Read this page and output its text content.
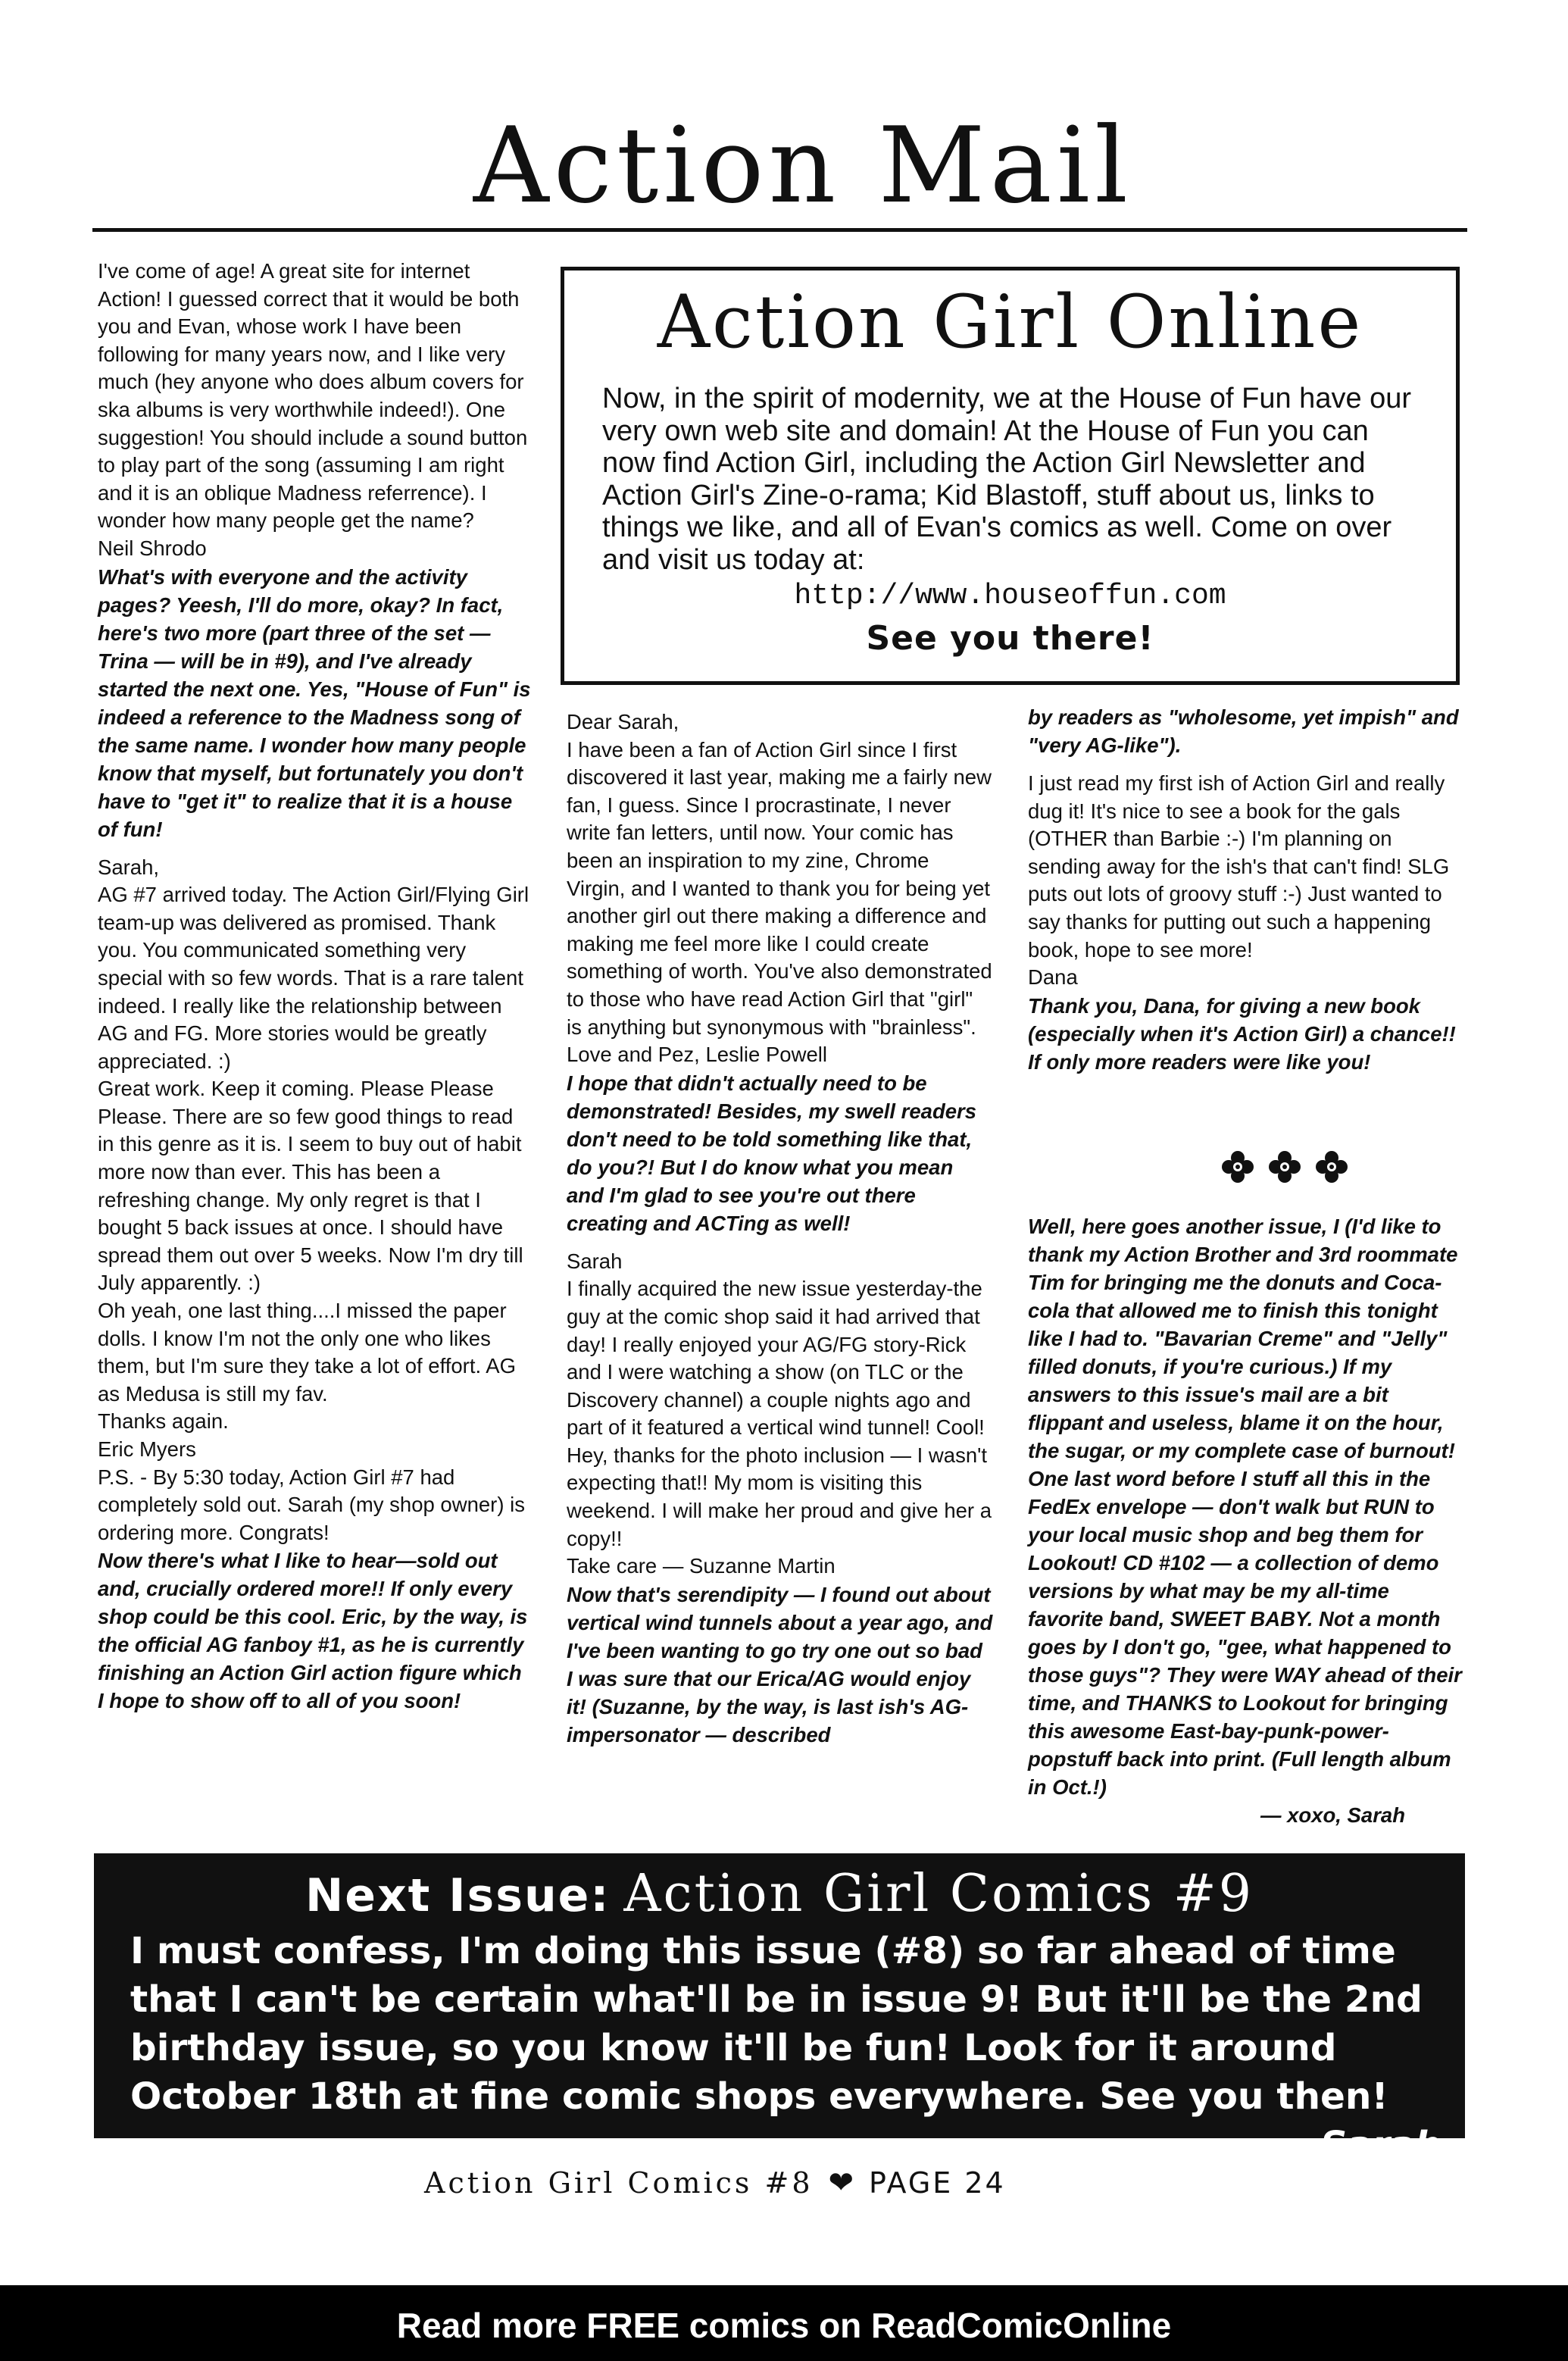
Action Mail

I've come of age! A great site for internet Action! I guessed correct that it would be both you and Evan, whose work I have been following for many years now, and I like very much (hey anyone who does album covers for ska albums is very worthwhile indeed!). One suggestion! You should include a sound button to play part of the song (assuming I am right and it is an oblique Madness referrence). I wonder how many people get the name?

Neil Shrodo

What's with everyone and the activity pages? Yeesh, I'll do more, okay? In fact, here's two more (part three of the set — Trina — will be in #9), and I've already started the next one. Yes, "House of Fun" is indeed a reference to the Madness song of the same name. I wonder how many people know that myself, but fortunately you don't have to "get it" to realize that it is a house of fun!

Sarah,

AG #7 arrived today. The Action Girl/Flying Girl team-up was delivered as promised. Thank you. You communicated something very special with so few words. That is a rare talent indeed. I really like the relationship between AG and FG. More stories would be greatly appreciated. :)

Great work. Keep it coming. Please Please Please. There are so few good things to read in this genre as it is. I seem to buy out of habit more now than ever. This has been a refreshing change. My only regret is that I bought 5 back issues at once. I should have spread them out over 5 weeks. Now I'm dry till July apparently. :)

Oh yeah, one last thing....I missed the paper dolls. I know I'm not the only one who likes them, but I'm sure they take a lot of effort. AG as Medusa is still my fav.

Thanks again.

Eric Myers

P.S. - By 5:30 today, Action Girl #7 had completely sold out. Sarah (my shop owner) is ordering more. Congrats!

Now there's what I like to hear—sold out and, crucially ordered more!! If only every shop could be this cool. Eric, by the way, is the official AG fanboy #1, as he is currently finishing an Action Girl action figure which I hope to show off to all of you soon!

Action Girl Online

Now, in the spirit of modernity, we at the House of Fun have our very own web site and domain! At the House of Fun you can now find Action Girl, including the Action Girl Newsletter and Action Girl's Zine-o-rama; Kid Blastoff, stuff about us, links to things we like, and all of Evan's comics as well. Come on over and visit us today at:

http://www.houseoffun.com
See you there!

Dear Sarah,

I have been a fan of Action Girl since I first discovered it last year, making me a fairly new fan, I guess. Since I procrastinate, I never write fan letters, until now. Your comic has been an inspiration to my zine, Chrome Virgin, and I wanted to thank you for being yet another girl out there making a difference and making me feel more like I could create something of worth. You've also demonstrated to those who have read Action Girl that "girl" is anything but synonymous with "brainless".

Love and Pez, Leslie Powell

I hope that didn't actually need to be demonstrated! Besides, my swell readers don't need to be told something like that, do you?! But I do know what you mean and I'm glad to see you're out there creating and ACTing as well!

Sarah

I finally acquired the new issue yesterday-the guy at the comic shop said it had arrived that day! I really enjoyed your AG/FG story-Rick and I were watching a show (on TLC or the Discovery channel) a couple nights ago and part of it featured a vertical wind tunnel! Cool! Hey, thanks for the photo inclusion — I wasn't expecting that!! My mom is visiting this weekend. I will make her proud and give her a copy!!

Take care — Suzanne Martin

Now that's serendipity — I found out about vertical wind tunnels about a year ago, and I've been wanting to go try one out so bad I was sure that our Erica/AG would enjoy it! (Suzanne, by the way, is last ish's AG-impersonator — described

by readers as "wholesome, yet impish" and "very AG-like").

I just read my first ish of Action Girl and really dug it! It's nice to see a book for the gals (OTHER than Barbie :-) I'm planning on sending away for the ish's that can't find! SLG puts out lots of groovy stuff :-) Just wanted to say thanks for putting out such a happening book, hope to see more!

Dana

Thank you, Dana, for giving a new book (especially when it's Action Girl) a chance!! If only more readers were like you!

Well, here goes another issue, I (I'd like to thank my Action Brother and 3rd roommate Tim for bringing me the donuts and Coca-cola that allowed me to finish this tonight like I had to. "Bavarian Creme" and "Jelly" filled donuts, if you're curious.) If my answers to this issue's mail are a bit flippant and useless, blame it on the hour, the sugar, or my complete case of burnout! One last word before I stuff all this in the FedEx envelope — don't walk but RUN to your local music shop and beg them for Lookout! CD #102 — a collection of demo versions by what may be my all-time favorite band, SWEET BABY. Not a month goes by I don't go, "gee, what happened to those guys"? They were WAY ahead of their time, and THANKS to Lookout for bringing this awesome East-bay-punk-power-popstuff back into print. (Full length album in Oct.!)

— xoxo, Sarah

Next Issue: Action Girl Comics #9

I must confess, I'm doing this issue (#8) so far ahead of time that I can't be certain what'll be in issue 9! But it'll be the 2nd birthday issue, so you know it'll be fun! Look for it around October 18th at fine comic shops everywhere. See you then!
— Sarah

Action Girl Comics #8 ❤ PAGE 24
Read more FREE comics on ReadComicOnline
